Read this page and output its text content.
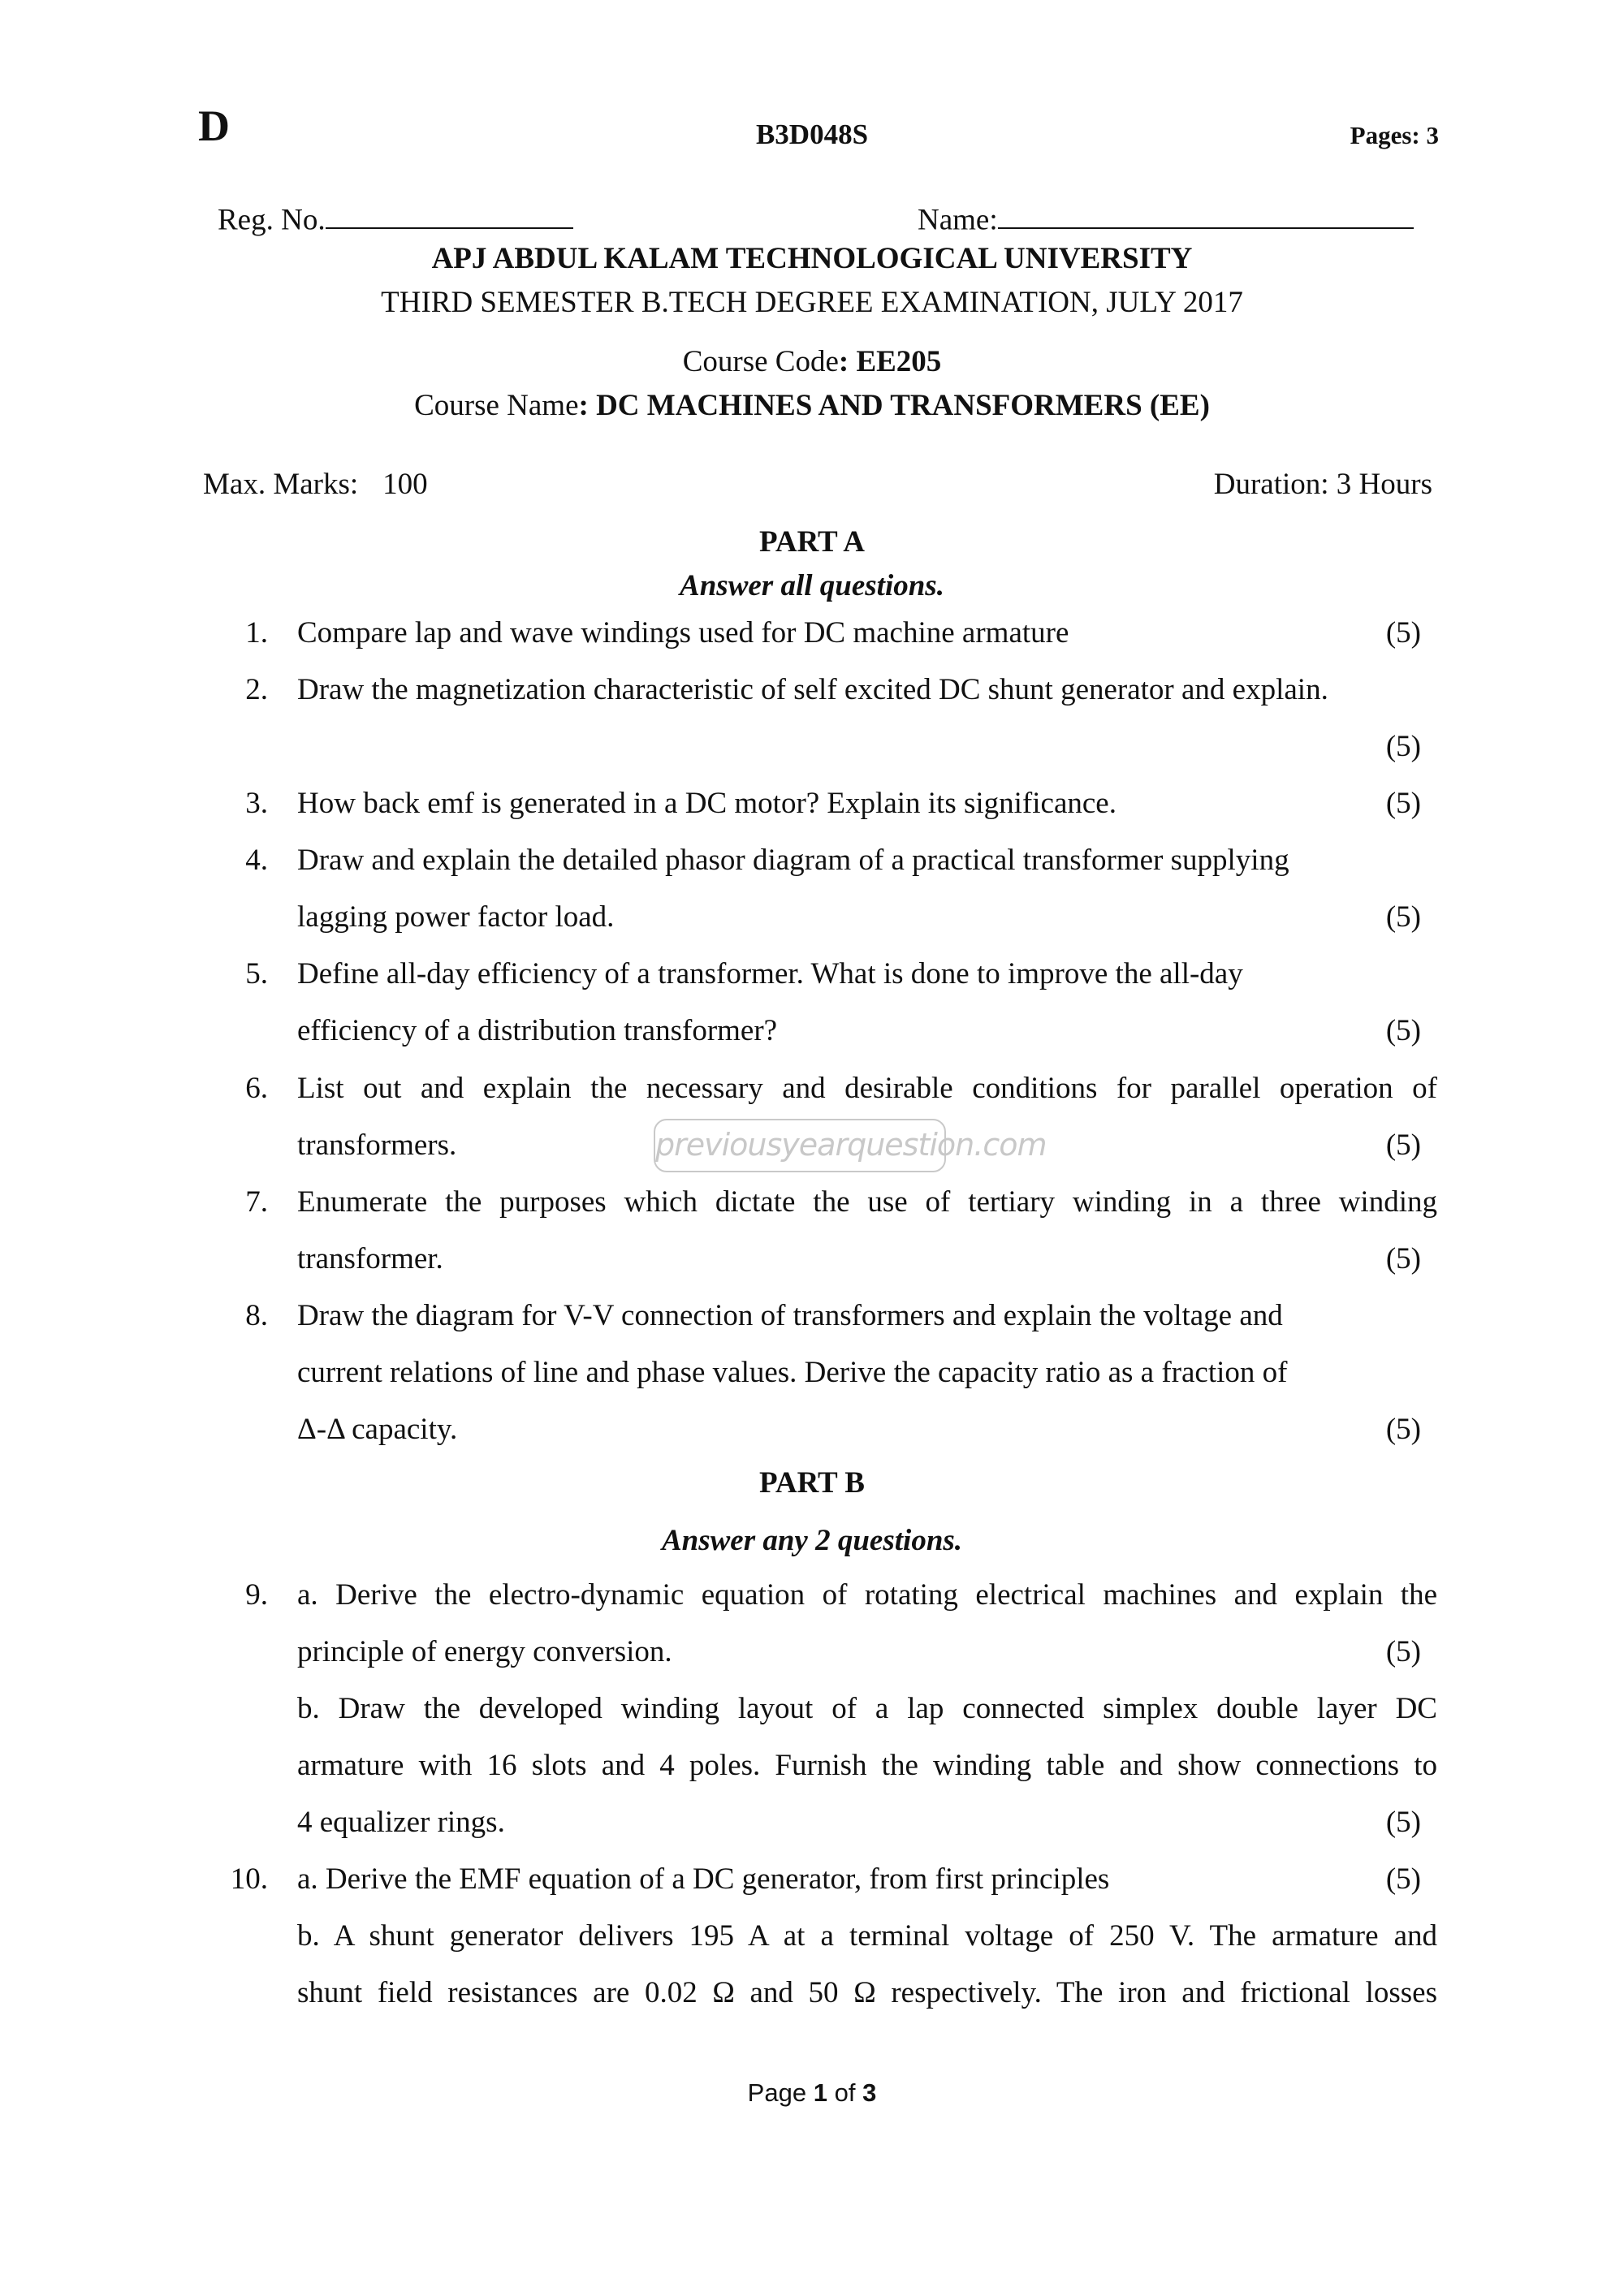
D	B3D048S	Pages: 3
Reg. No.	Name:
APJ ABDUL KALAM TECHNOLOGICAL UNIVERSITY
THIRD SEMESTER B.TECH DEGREE EXAMINATION, JULY 2017
Course Code: EE205
Course Name: DC MACHINES AND TRANSFORMERS (EE)
Max. Marks: 100	Duration: 3 Hours
PART A
Answer all questions.
1. Compare lap and wave windings used for DC machine armature	(5)
2. Draw the magnetization characteristic of self excited DC shunt generator and explain.
(5)
3. How back emf is generated in a DC motor? Explain its significance.	(5)
4. Draw and explain the detailed phasor diagram of a practical transformer supplying
lagging power factor load.	(5)
5. Define all-day efficiency of a transformer. What is done to improve the all-day
efficiency of a distribution transformer?	(5)
6. List out and explain the necessary and desirable conditions for parallel operation of
transformers.	(5)
7. Enumerate the purposes which dictate the use of tertiary winding in a three winding
transformer.	(5)
8. Draw the diagram for V-V connection of transformers and explain the voltage and
current relations of line and phase values. Derive the capacity ratio as a fraction of
Δ-Δ capacity.	(5)
previousyearquestion.com
PART B
Answer any 2 questions.
9. a. Derive the electro-dynamic equation of rotating electrical machines and explain the
principle of energy conversion.	(5)
b. Draw the developed winding layout of a lap connected simplex double layer DC
armature with 16 slots and 4 poles. Furnish the winding table and show connections to
4 equalizer rings.	(5)
10. a. Derive the EMF equation of a DC generator, from first principles	(5)
b. A shunt generator delivers 195 A at a terminal voltage of 250 V. The armature and
shunt field resistances are 0.02 Ω and 50 Ω respectively. The iron and frictional losses
Page 1 of 3
